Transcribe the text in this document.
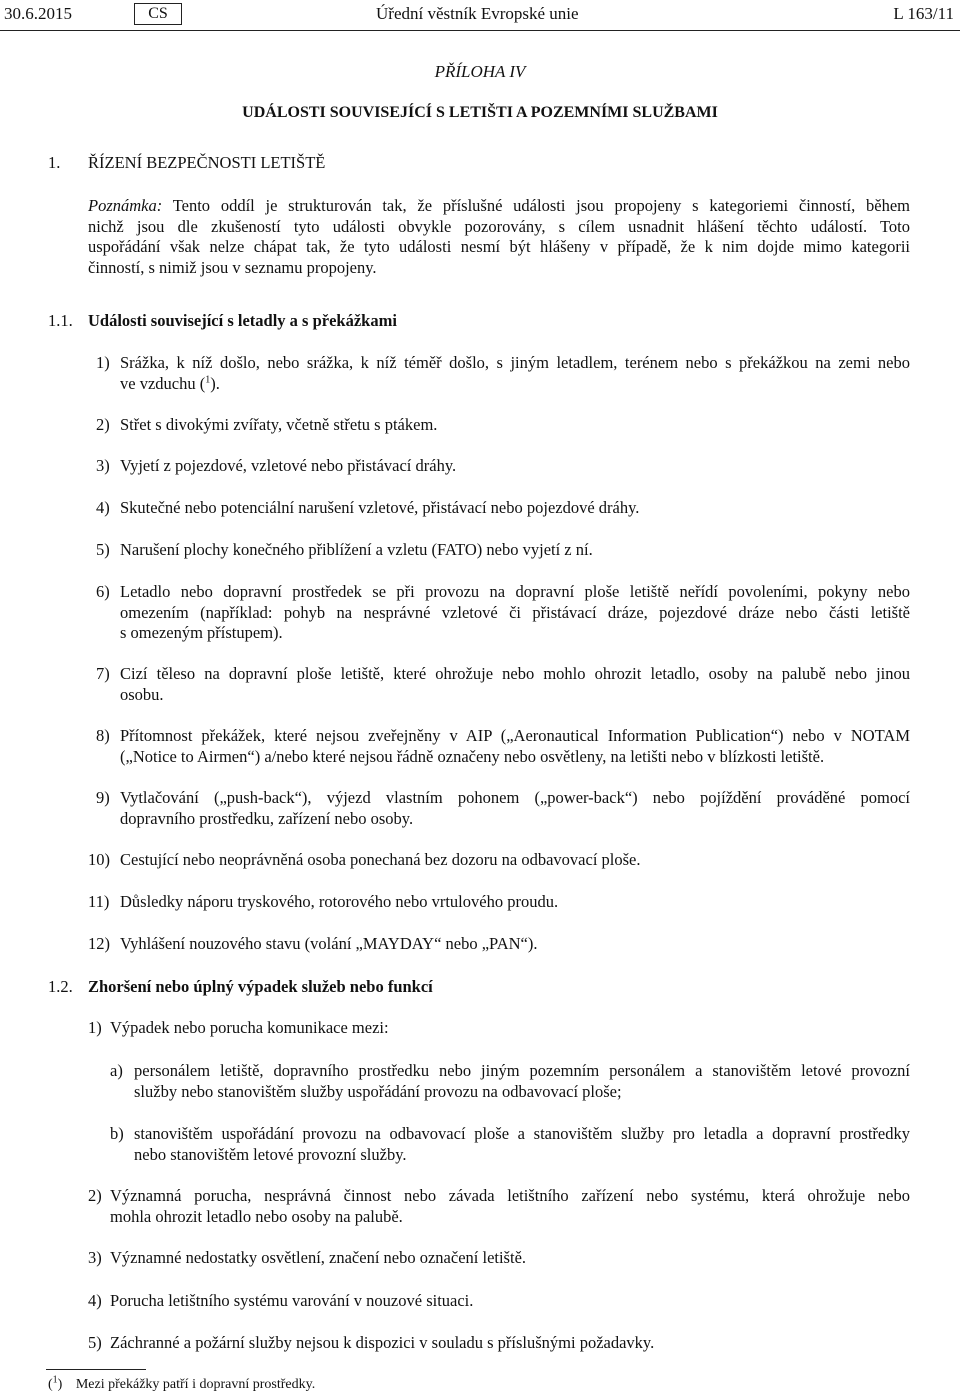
30.6.2015	CS	Úřední věstník Evropské unie	L 163/11
PŘÍLOHA IV
UDÁLOSTI SOUVISEJÍCÍ S LETIŠTI A POZEMNÍMI SLUŽBAMI
1. ŘÍZENÍ BEZPEČNOSTI LETIŠTĚ
Poznámka: Tento oddíl je strukturován tak, že příslušné události jsou propojeny s kategoriemi činností, během
nichž jsou dle zkušeností tyto události obvykle pozorovány, s cílem usnadnit hlášení těchto událostí. Toto
uspořádání však nelze chápat tak, že tyto události nesmí být hlášeny v případě, že k nim dojde mimo kategorii
činností, s nimiž jsou v seznamu propojeny.
1.1. Události související s letadly a s překážkami
1) Srážka, k níž došlo, nebo srážka, k níž téměř došlo, s jiným letadlem, terénem nebo s překážkou na zemi nebo
ve vzduchu ($^1$).
2) Střet s divokými zvířaty, včetně střetu s ptákem.
3) Vyjetí z pojezdové, vzletové nebo přistávací dráhy.
4) Skutečné nebo potenciální narušení vzletové, přistávací nebo pojezdové dráhy.
5) Narušení plochy konečného přiblížení a vzletu (FATO) nebo vyjetí z ní.
6) Letadlo nebo dopravní prostředek se při provozu na dopravní ploše letiště neřídí povoleními, pokyny nebo
omezením (například: pohyb na nesprávné vzletové či přistávací dráze, pojezdové dráze nebo části letiště
s omezeným přístupem).
7) Cizí těleso na dopravní ploše letiště, které ohrožuje nebo mohlo ohrozit letadlo, osoby na palubě nebo jinou
osobu.
8) Přítomnost překážek, které nejsou zveřejněny v AIP („Aeronautical Information Publication“) nebo v NOTAM
(„Notice to Airmen“) a/nebo které nejsou řádně označeny nebo osvětleny, na letišti nebo v blízkosti letiště.
9) Vytlačování („push-back“), výjezd vlastním pohonem („power-back“) nebo pojíždění prováděné pomocí
dopravního prostředku, zařízení nebo osoby.
10) Cestující nebo neoprávněná osoba ponechaná bez dozoru na odbavovací ploše.
11) Důsledky náporu tryskového, rotorového nebo vrtulového proudu.
12) Vyhlášení nouzového stavu (volání „MAYDAY“ nebo „PAN“).
1.2. Zhoršení nebo úplný výpadek služeb nebo funkcí
1) Výpadek nebo porucha komunikace mezi:
a) personálem letiště, dopravního prostředku nebo jiným pozemním personálem a stanovištěm letové provozní
služby nebo stanovištěm služby uspořádání provozu na odbavovací ploše;
b) stanovištěm uspořádání provozu na odbavovací ploše a stanovištěm služby pro letadla a dopravní prostředky
nebo stanovištěm letové provozní služby.
2) Významná porucha, nesprávná činnost nebo závada letištního zařízení nebo systému, která ohrožuje nebo
mohla ohrozit letadlo nebo osoby na palubě.
3) Významné nedostatky osvětlení, značení nebo označení letiště.
4) Porucha letištního systému varování v nouzové situaci.
5) Záchranné a požární služby nejsou k dispozici v souladu s příslušnými požadavky.
($^1$) Mezi překážky patří i dopravní prostředky.
